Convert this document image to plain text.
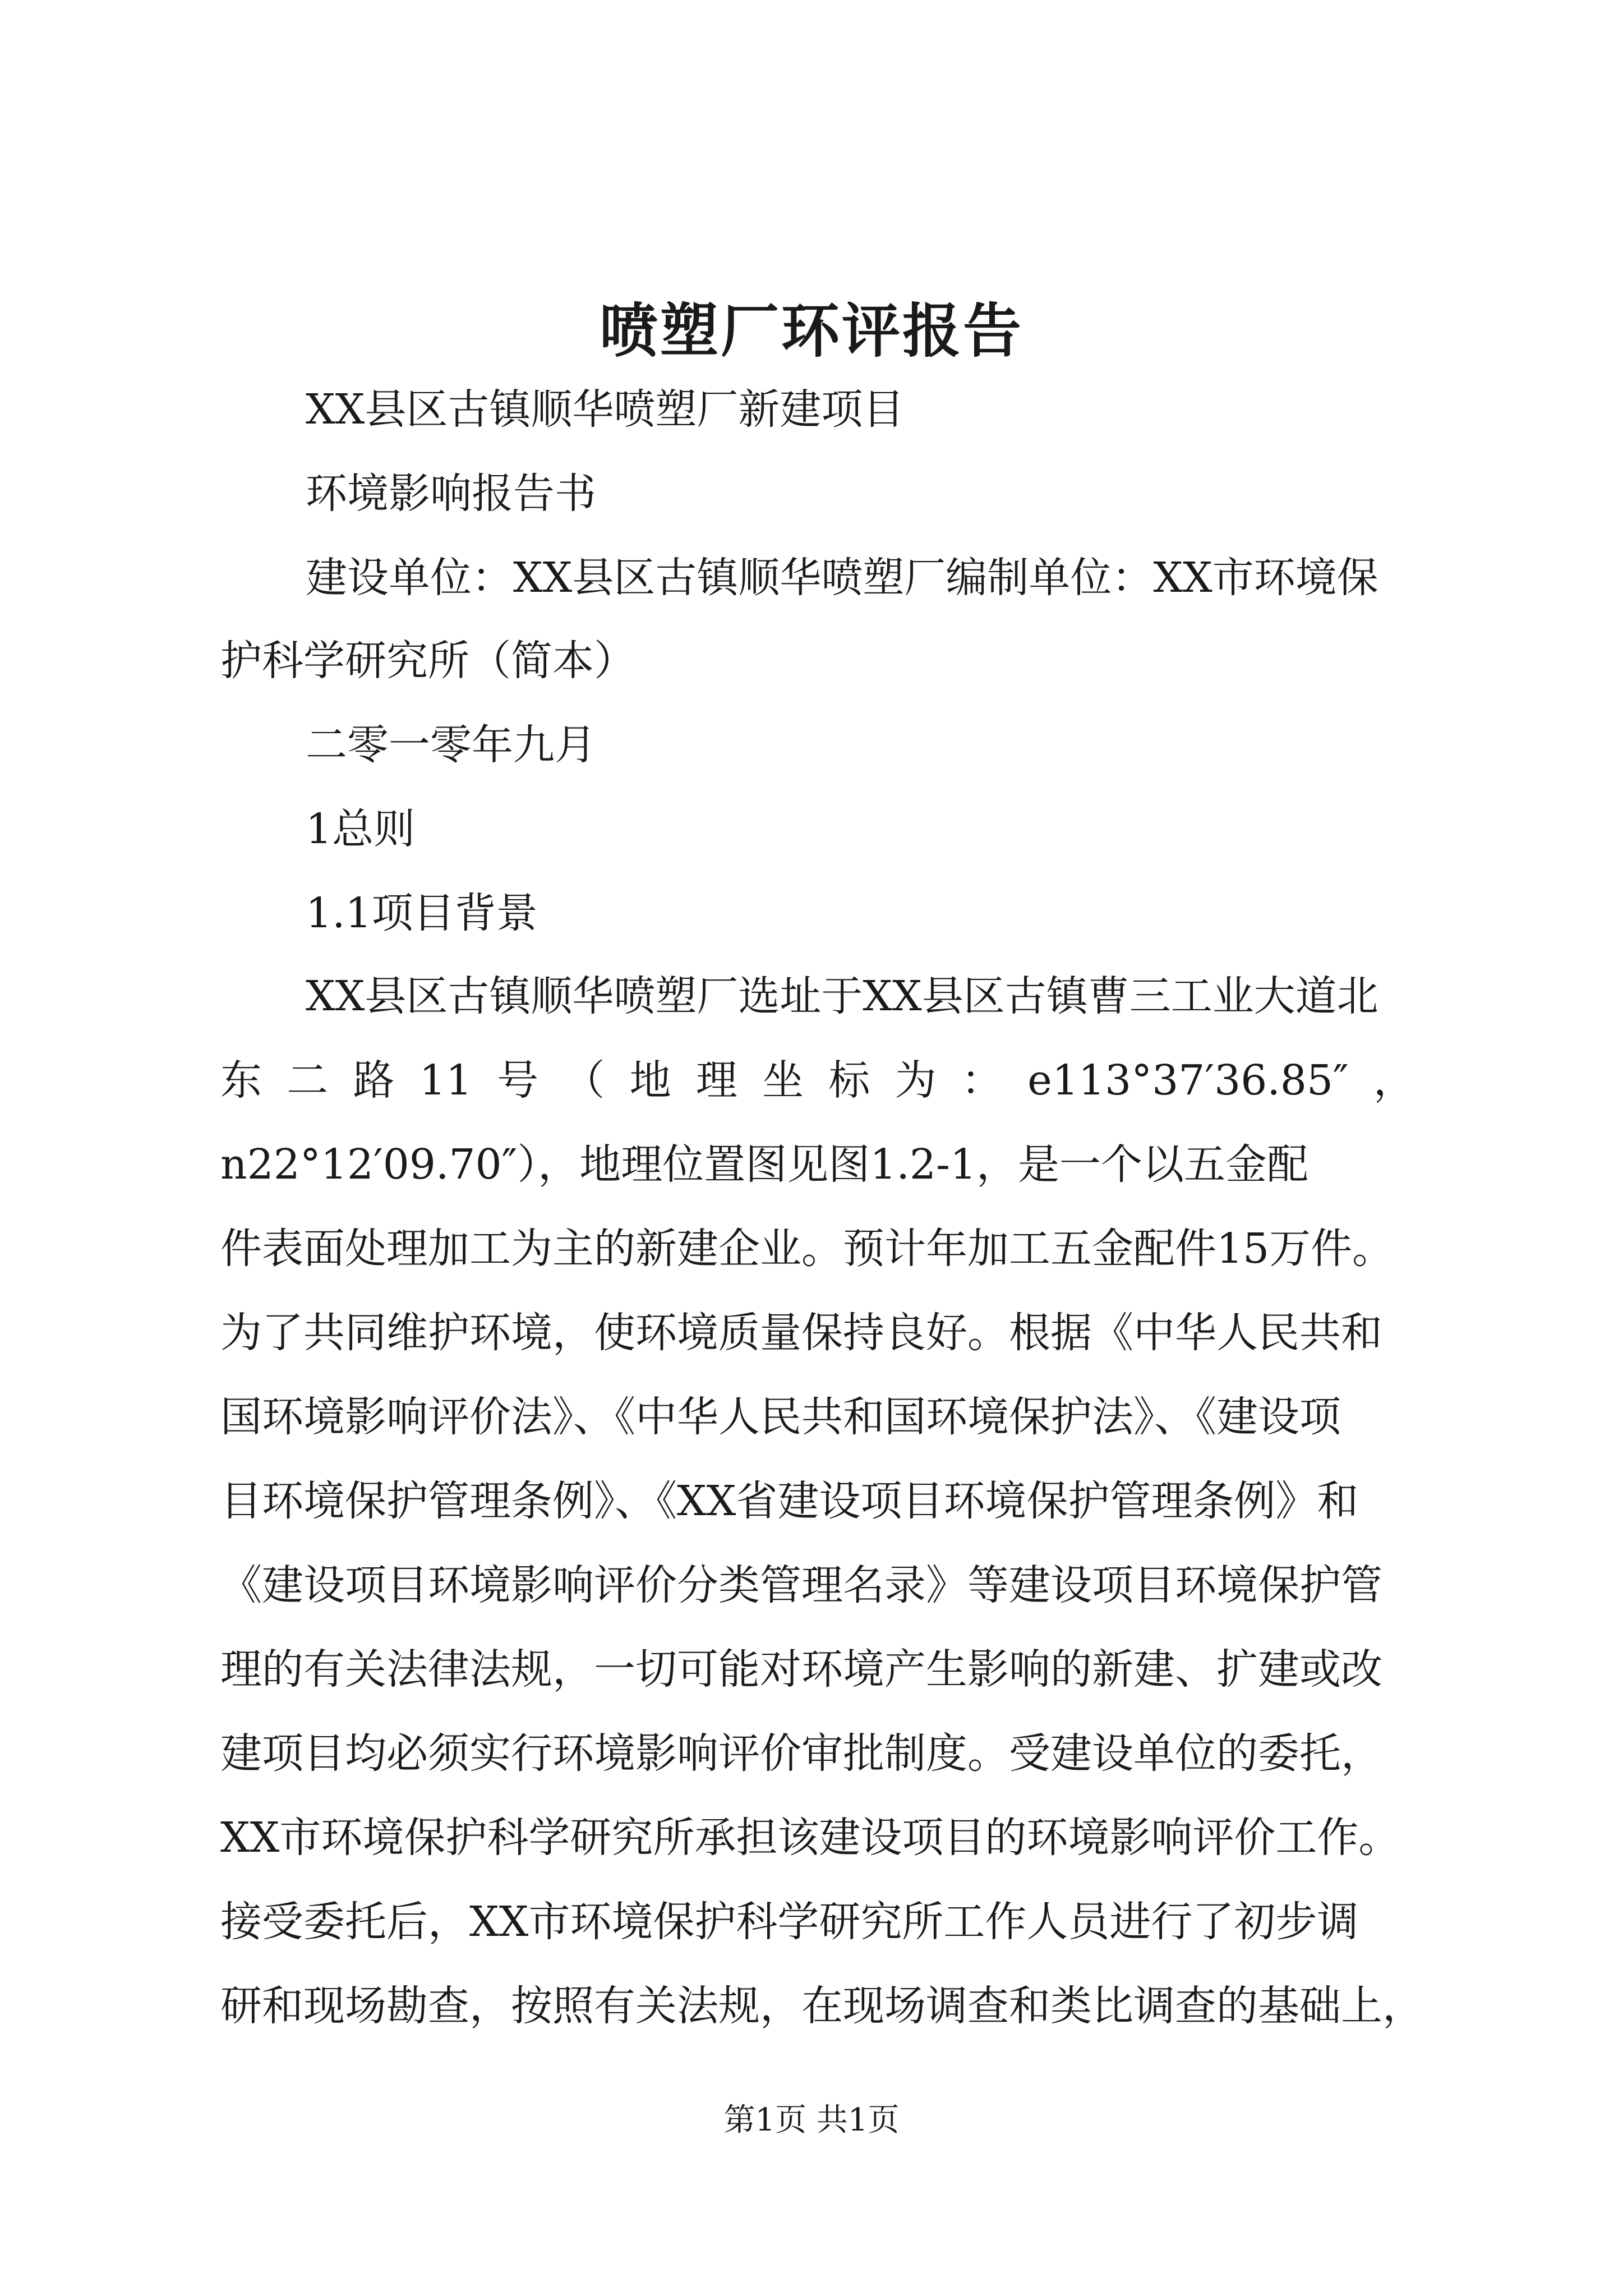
喷塑厂环评报告
XX县区古镇顺华喷塑厂新建项目
环境影响报告书
建设单位：XX县区古镇顺华喷塑厂编制单位：XX市环境保
护科学研究所（简本）
二零一零年九月
1总则
1.1项目背景
XX县区古镇顺华喷塑厂选址于XX县区古镇曹三工业大道北
东 二 路 11 号 （ 地 理 坐 标 为 ： e113°37′36.85″ ，
n22°12′09.70″），地理位置图见图1.2-1，是一个以五金配
件表面处理加工为主的新建企业。预计年加工五金配件15万件。
为了共同维护环境，使环境质量保持良好。根据《中华人民共和
国环境影响评价法》、《中华人民共和国环境保护法》、《建设项
目环境保护管理条例》、《XX省建设项目环境保护管理条例》和
《建设项目环境影响评价分类管理名录》等建设项目环境保护管
理的有关法律法规，一切可能对环境产生影响的新建、扩建或改
建项目均必须实行环境影响评价审批制度。受建设单位的委托，
XX市环境保护科学研究所承担该建设项目的环境影响评价工作。
接受委托后，XX市环境保护科学研究所工作人员进行了初步调
研和现场勘查，按照有关法规，在现场调查和类比调查的基础上，
第1页 共1页
